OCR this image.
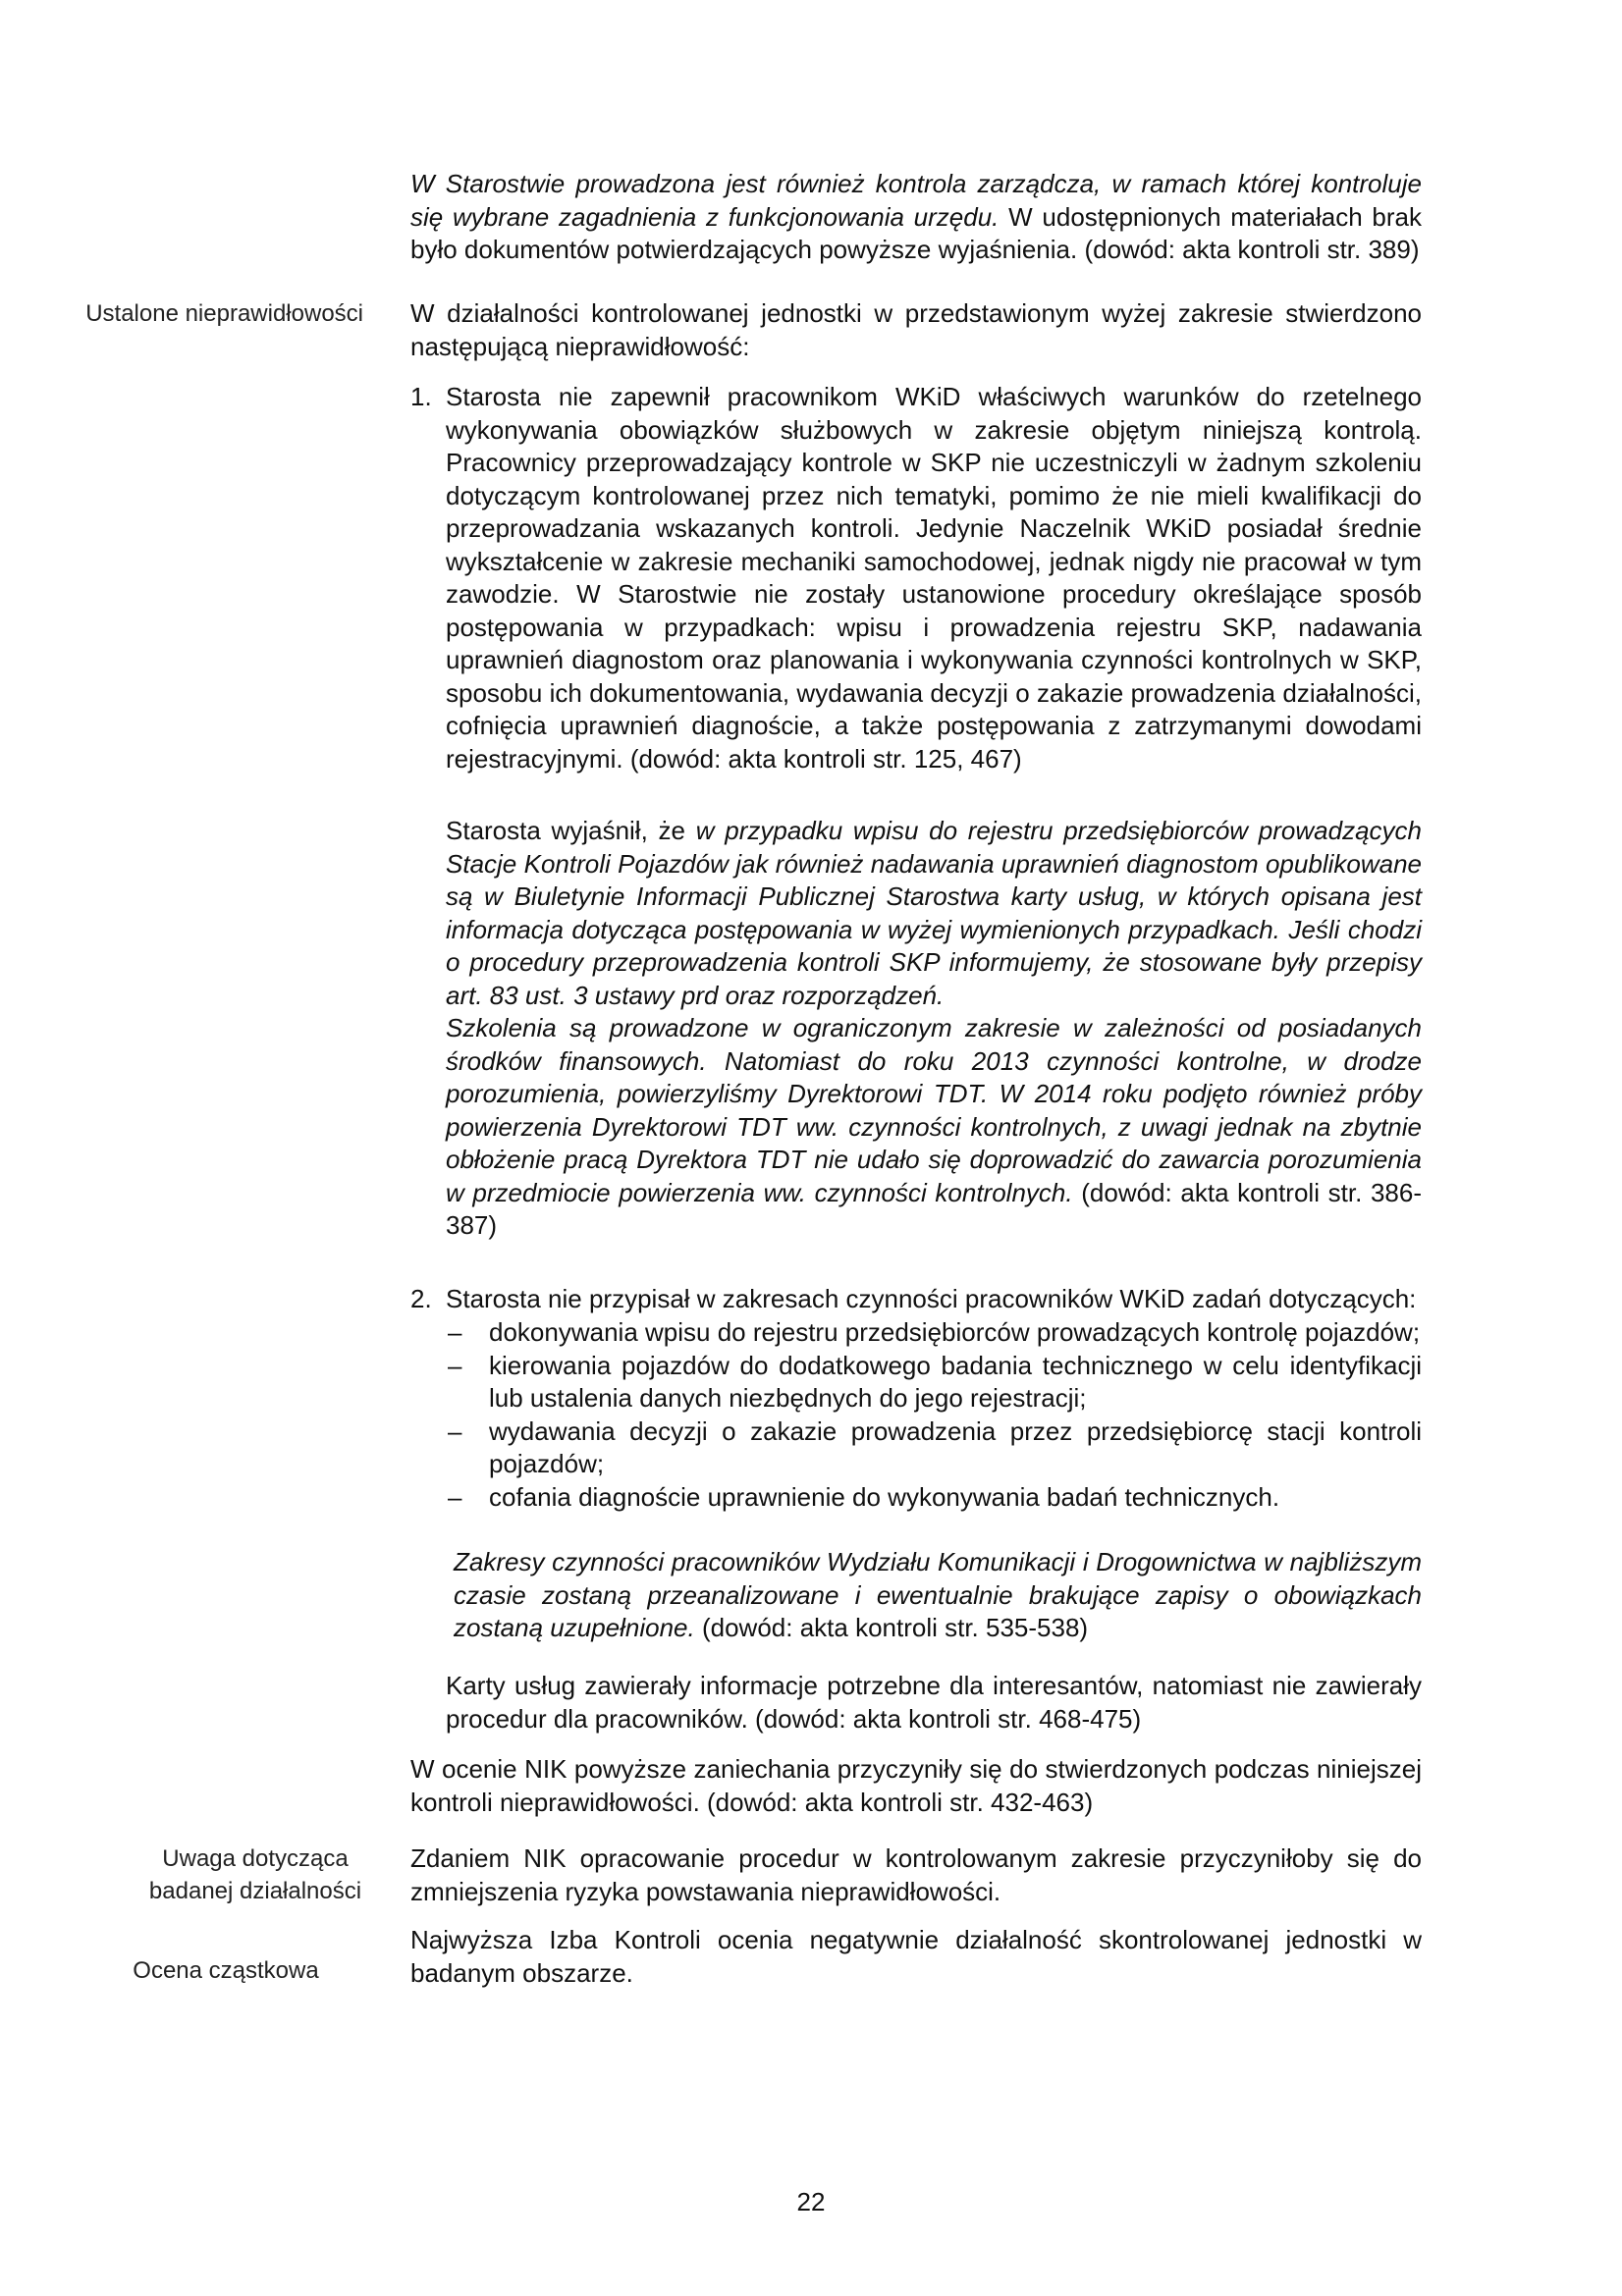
W Starostwie prowadzona jest również kontrola zarządcza, w ramach której kontroluje się wybrane zagadnienia z funkcjonowania urzędu. W udostępnionych materiałach brak było dokumentów potwierdzających powyższe wyjaśnienia. (dowód: akta kontroli str. 389)

Ustalone nieprawidłowości W działalności kontrolowanej jednostki w przedstawionym wyżej zakresie stwierdzono następującą nieprawidłowość:

1. Starosta nie zapewnił pracownikom WKiD właściwych warunków do rzetelnego wykonywania obowiązków służbowych w zakresie objętym niniejszą kontrolą. Pracownicy przeprowadzający kontrole w SKP nie uczestniczyli w żadnym szkoleniu dotyczącym kontrolowanej przez nich tematyki, pomimo że nie mieli kwalifikacji do przeprowadzania wskazanych kontroli. Jedynie Naczelnik WKiD posiadał średnie wykształcenie w zakresie mechaniki samochodowej, jednak nigdy nie pracował w tym zawodzie. W Starostwie nie zostały ustanowione procedury określające sposób postępowania w przypadkach: wpisu i prowadzenia rejestru SKP, nadawania uprawnień diagnostom oraz planowania i wykonywania czynności kontrolnych w SKP, sposobu ich dokumentowania, wydawania decyzji o zakazie prowadzenia działalności, cofnięcia uprawnień diagnoście, a także postępowania z zatrzymanymi dowodami rejestracyjnymi. (dowód: akta kontroli str. 125, 467)

Starosta wyjaśnił, że w przypadku wpisu do rejestru przedsiębiorców prowadzących Stacje Kontroli Pojazdów jak również nadawania uprawnień diagnostom opublikowane są w Biuletynie Informacji Publicznej Starostwa karty usług, w których opisana jest informacja dotycząca postępowania w wyżej wymienionych przypadkach. Jeśli chodzi o procedury przeprowadzenia kontroli SKP informujemy, że stosowane były przepisy art. 83 ust. 3 ustawy prd oraz rozporządzeń.

Szkolenia są prowadzone w ograniczonym zakresie w zależności od posiadanych środków finansowych. Natomiast do roku 2013 czynności kontrolne, w drodze porozumienia, powierzyliśmy Dyrektorowi TDT. W 2014 roku podjęto również próby powierzenia Dyrektorowi TDT ww. czynności kontrolnych, z uwagi jednak na zbytnie obłożenie pracą Dyrektora TDT nie udało się doprowadzić do zawarcia porozumienia w przedmiocie powierzenia ww. czynności kontrolnych. (dowód: akta kontroli str. 386-387)

2. Starosta nie przypisał w zakresach czynności pracowników WKiD zadań dotyczących:

– dokonywania wpisu do rejestru przedsiębiorców prowadzących kontrolę pojazdów;
– kierowania pojazdów do dodatkowego badania technicznego w celu identyfikacji lub ustalenia danych niezbędnych do jego rejestracji;
– wydawania decyzji o zakazie prowadzenia przez przedsiębiorcę stacji kontroli pojazdów;
– cofania diagnoście uprawnienie do wykonywania badań technicznych.

Zakresy czynności pracowników Wydziału Komunikacji i Drogownictwa w najbliższym czasie zostaną przeanalizowane i ewentualnie brakujące zapisy o obowiązkach zostaną uzupełnione. (dowód: akta kontroli str. 535-538)

Karty usług zawierały informacje potrzebne dla interesantów, natomiast nie zawierały procedur dla pracowników. (dowód: akta kontroli str. 468-475)

W ocenie NIK powyższe zaniechania przyczyniły się do stwierdzonych podczas niniejszej kontroli nieprawidłowości. (dowód: akta kontroli str. 432-463)

Uwaga dotycząca badanej działalności

Zdaniem NIK opracowanie procedur w kontrolowanym zakresie przyczyniłoby się do zmniejszenia ryzyka powstawania nieprawidłowości.

Ocena cząstkowa

Najwyższa Izba Kontroli ocenia negatywnie działalność skontrolowanej jednostki w badanym obszarze.

22
